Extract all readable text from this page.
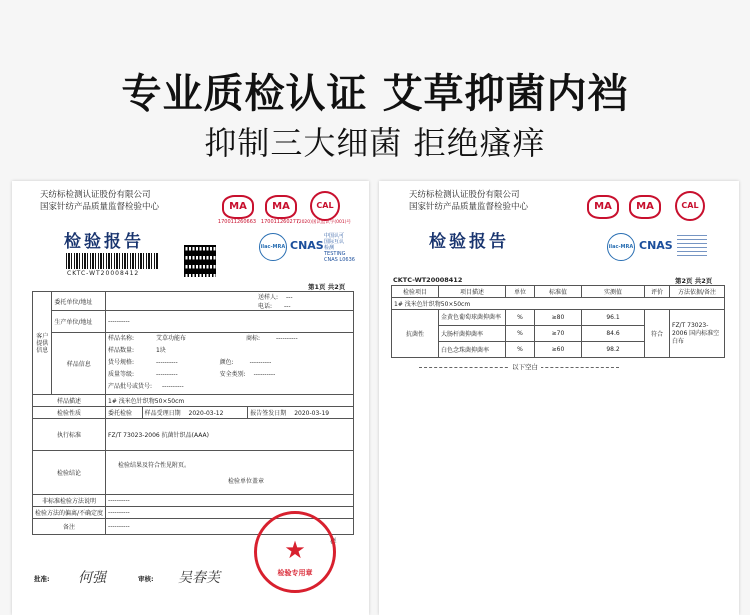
专业质检认证 艾草抑菌内裆
抑制三大细菌 拒绝瘙痒
天纺标检测认证股份有限公司
国家针纺产品质量监督检验中心
检验报告
CKTC-WT20008412
MA
170011260663
MA
170011260277
CAL
(2020)国认监认字(001)号
ilac-MRA CNAS
中国认可
国际互认
检测
TESTING
CNAS L0636
第1页 共2页
客户提供信息	委托单位/地址	送样人: ---
电话: ---		
	生产单位/地址	----------		
	样品信息	样品名称: 艾草功能布 商标: ----------
样品数量: 1块
货号规格: ---------- 颜色: ----------
质量等级: ---------- 安全类别: ----------
产品批号或货号: ----------		
样品描述		1# 浅米色针织物50×50cm		
检验性质		委托检验	样品受理日期 2020-03-12	报告签发日期 2020-03-19
执行标准		FZ/T 73023-2006 抗菌针织品(AAA)		
检验结论		检验结果及符合性见附页。

检验单位盖章		
非标准检验方法说明		----------		
检验方法的偏离/不确定度		----------		
备注		----------		
样
★
检验专用章
批准: 何强	审核: 吴春芙
天纺标检测认证股份有限公司
国家针纺产品质量监督检验中心
检验报告
MA	MA	CAL
ilac-MRA CNAS
CKTC-WT20008412	第2页 共2页
检验项目	项目描述	单位	标准值	实测值	评价	方法依据/备注
1# 浅米色针织物50×50cm						
抗菌性	金黄色葡萄球菌抑菌率	%	≥80	96.1	符合	FZ/T 73023-2006 国内标准空白布
	大肠杆菌抑菌率	%	≥70	84.6		
	白色念珠菌抑菌率	%	≥60	98.2		
以下空白
